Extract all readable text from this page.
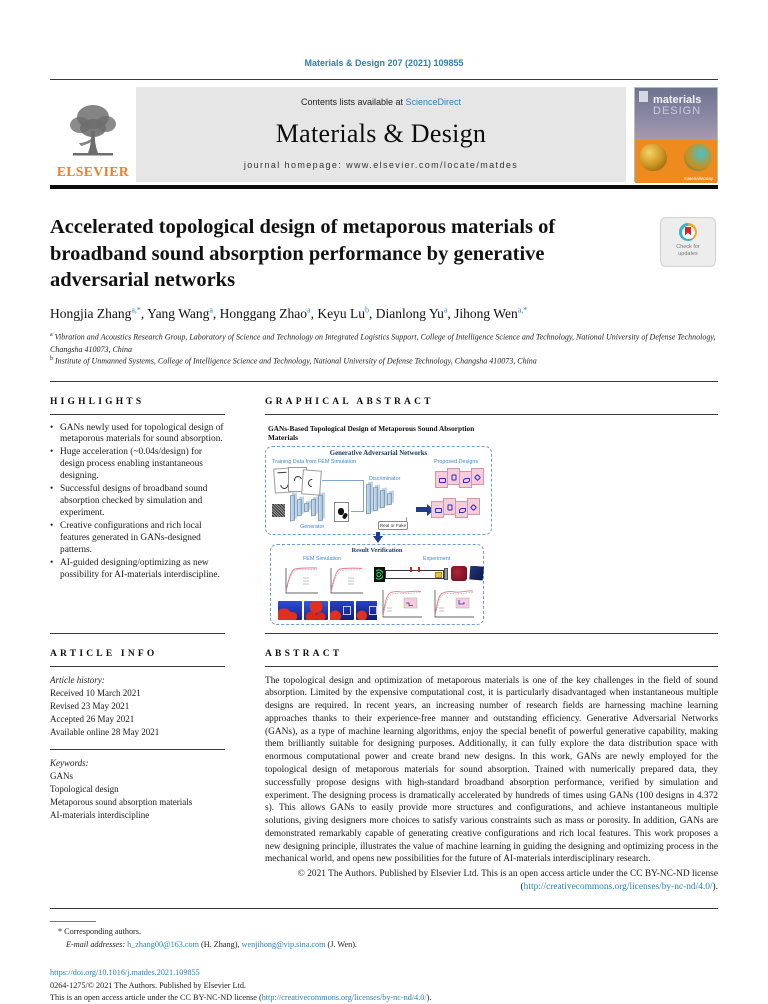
Materials & Design 207 (2021) 109855
ELSEVIER
Contents lists available at ScienceDirect
Materials & Design
journal homepage: www.elsevier.com/locate/matdes
materials
DESIGN
materialstoday
Accelerated topological design of metaporous materials of broadband sound absorption performance by generative adversarial networks
Check for
updates
Hongjia Zhang$^{a,*}$, Yang Wang$^a$, Honggang Zhao$^a$, Keyu Lu$^b$, Dianlong Yu$^a$, Jihong Wen$^{a,*}$
$^a$ Vibration and Acoustics Research Group, Laboratory of Science and Technology on Integrated Logistics Support, College of Intelligence Science and Technology, National University of Defense Technology, Changsha 410073, China
$^b$ Institute of Unmanned Systems, College of Intelligence Science and Technology, National University of Defense Technology, Changsha 410073, China
HIGHLIGHTS
• GANs newly used for topological design of metaporous materials for sound absorption.
• Huge acceleration (~0.04s/design) for design process enabling instantaneous designing.
• Successful designs of broadband sound absorption checked by simulation and experiment.
• Creative configurations and rich local features generated in GANs-designed patterns.
• AI-guided designing/optimizing as new possibility for AI-materials interdiscipline.
GRAPHICAL ABSTRACT
GANs-Based Topological Design of Metaporous Sound Absorption Materials
Generative Adversarial Networks
Training Data from FEM Simulation
Discriminator
Generator
Proposed Designs
Real or Fake
Result Verification
FEM Simulation	Experiment
ARTICLE INFO
Article history:
Received 10 March 2021
Revised 23 May 2021
Accepted 26 May 2021
Available online 28 May 2021
Keywords:
GANs
Topological design
Metaporous sound absorption materials
AI-materials interdiscipline
ABSTRACT

The topological design and optimization of metaporous materials is one of the key challenges in the field of sound absorption. Limited by the expensive computational cost, it is particularly disadvantaged when instantaneous multiple designs are required. In recent years, an increasing number of research fields are harnessing machine learning approaches thanks to their experience-free manner and outstanding efficiency. Generative Adversarial Networks (GANs), as a type of machine learning algorithms, enjoy the special benefit of powerful generative capability, making them brilliantly suitable for designing purposes. Additionally, it can fully explore the data distribution space with enormous computational power and create brand new designs. In this work, GANs are newly employed for the topological design of metaporous materials for sound absorption. Trained with numerically prepared data, they successfully propose designs with high-standard broadband absorption performance, verified by simulation and experiment. The designing process is dramatically accelerated by hundreds of times using GANs (100 designs in 4.372 s). This allows GANs to easily provide more structures and configurations, and achieve instantaneous multiple solutions, giving designers more choices to satisfy various constraints such as mass or porosity. In addition, GANs are demonstrated remarkably capable of generating creative configurations and rich local features. This work proposes a new designing principle, illustrates the value of machine learning in guiding the designing and optimizing process in the mechanical world, and opens new possibilities for the future of AI-materials interdisciplinary research.

© 2021 The Authors. Published by Elsevier Ltd. This is an open access article under the CC BY-NC-ND license
(http://creativecommons.org/licenses/by-nc-nd/4.0/).
* Corresponding authors.
E-mail addresses: h_zhang00@163.com (H. Zhang), wenjihong@vip.sina.com (J. Wen).
https://doi.org/10.1016/j.matdes.2021.109855
0264-1275/© 2021 The Authors. Published by Elsevier Ltd.
This is an open access article under the CC BY-NC-ND license (http://creativecommons.org/licenses/by-nc-nd/4.0/).
